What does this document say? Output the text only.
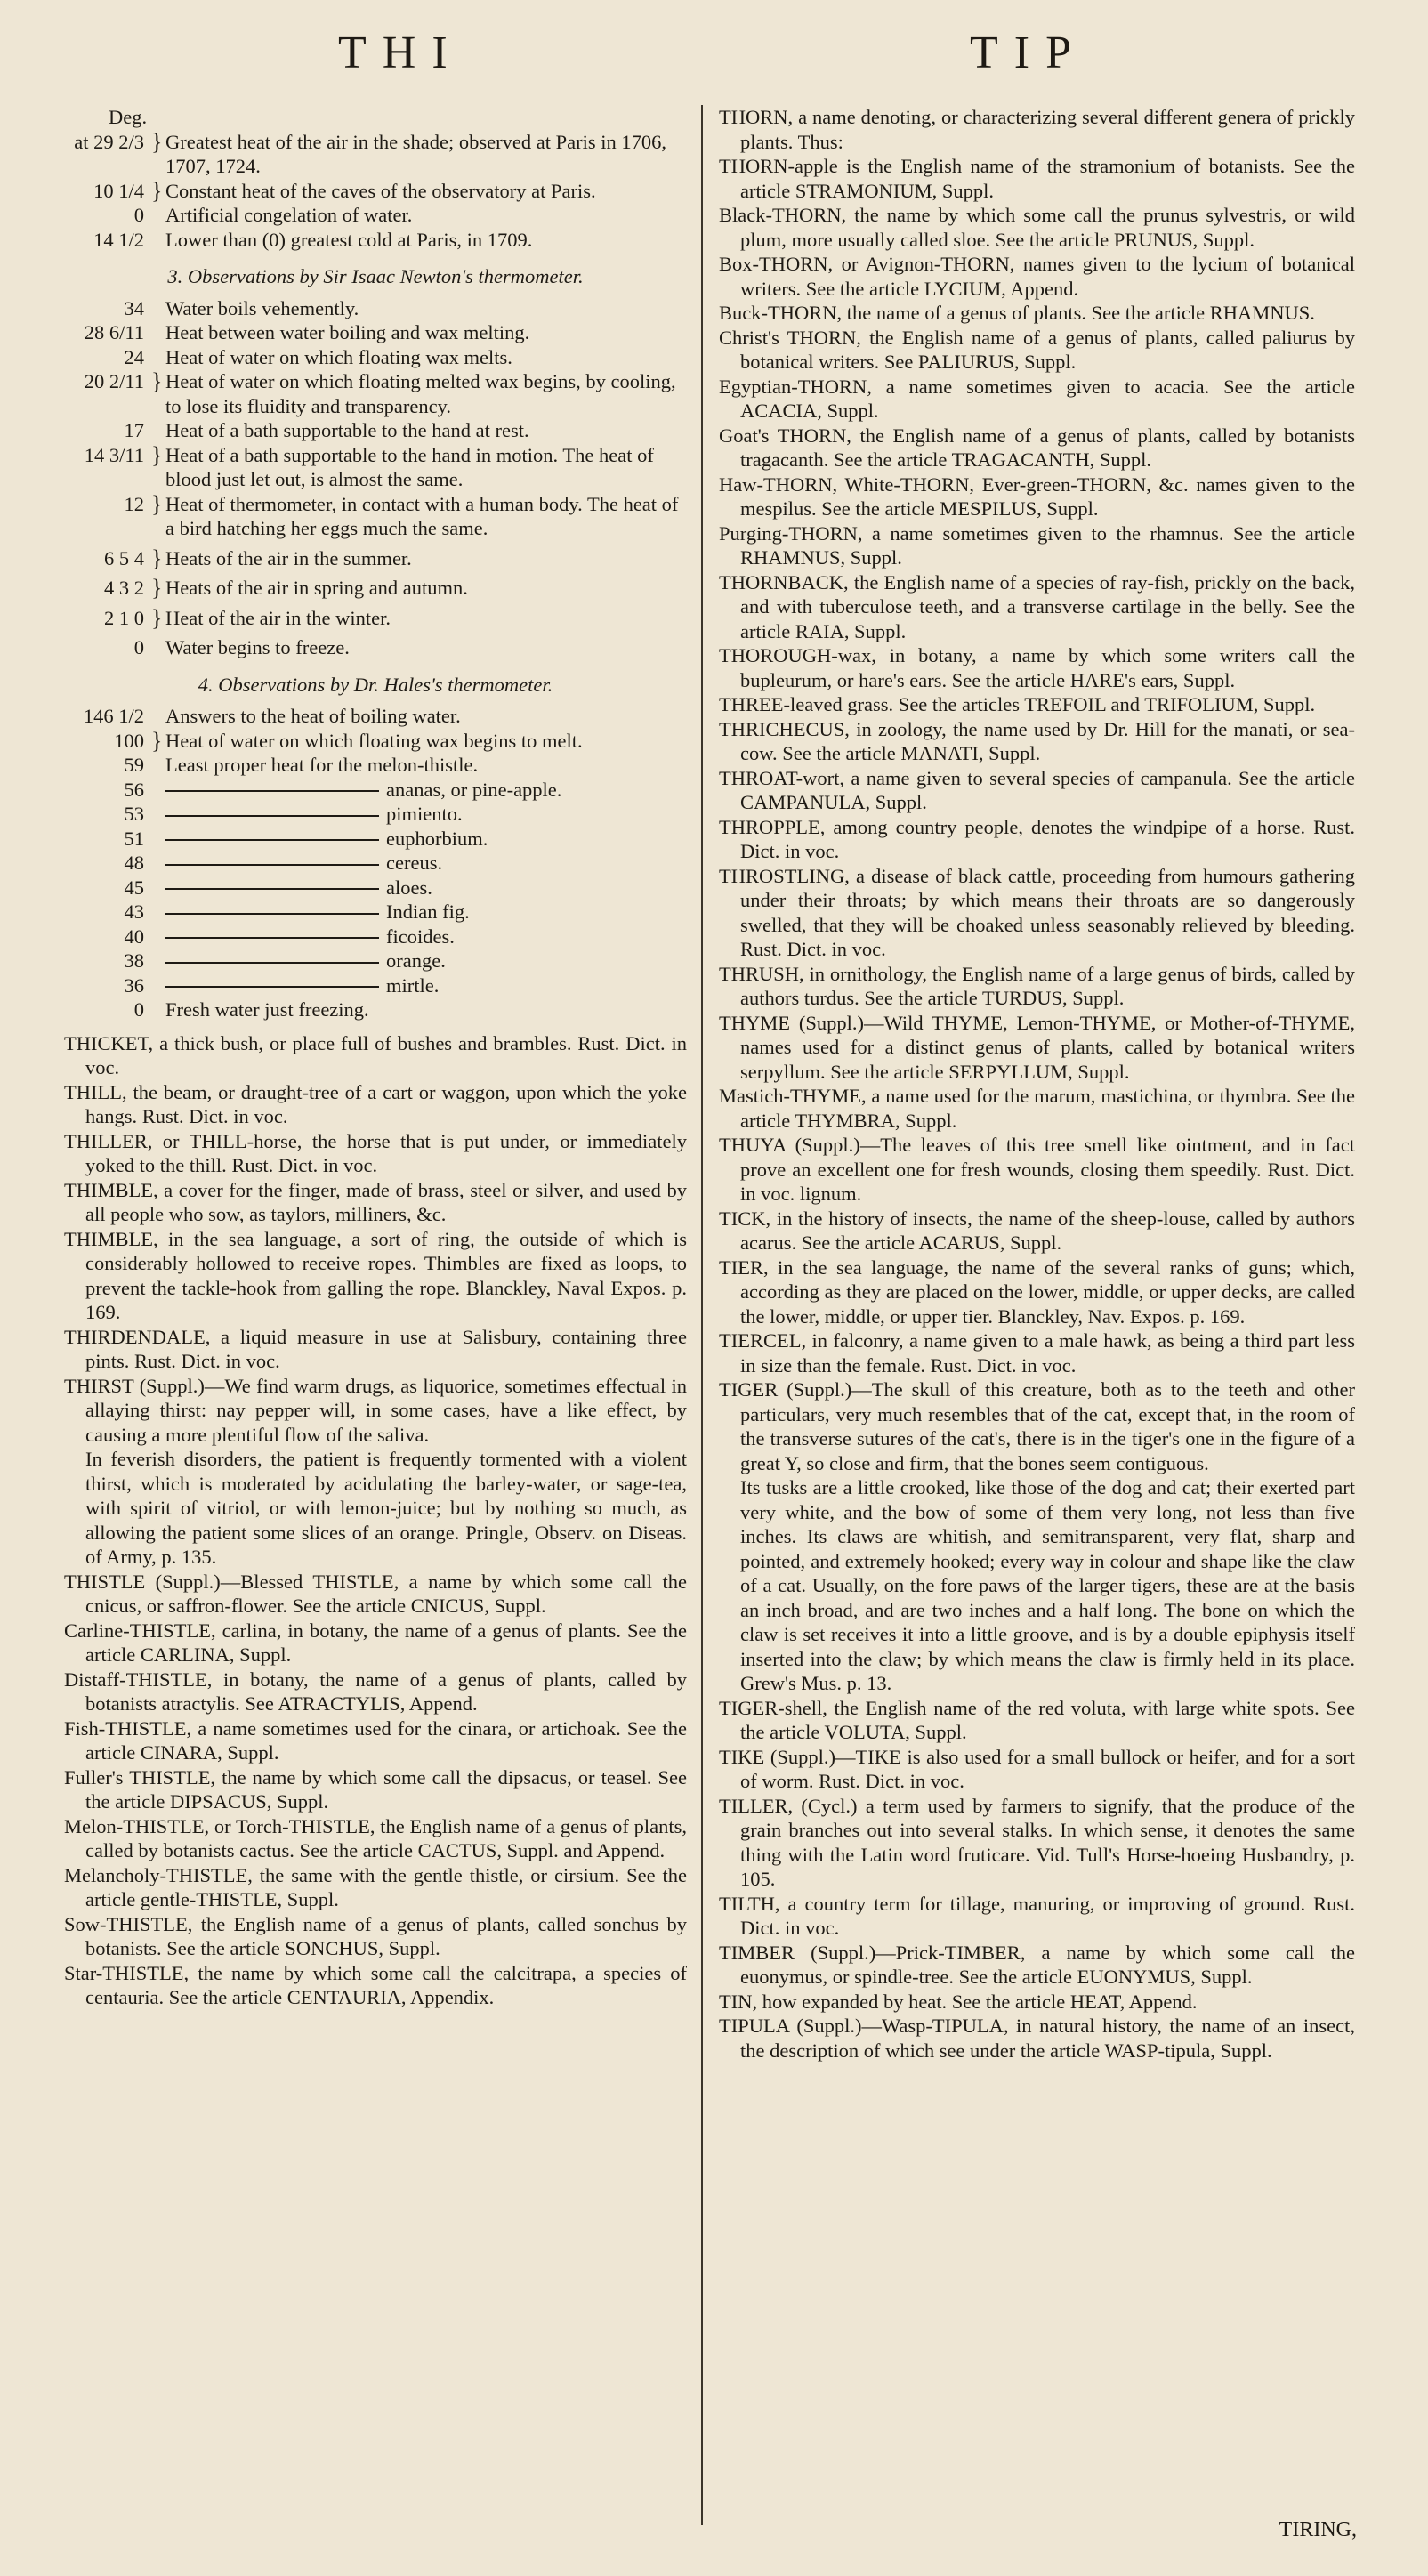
THI	TIP
Deg.
at 29 2/3 } Greatest heat of the air in the shade; observed at Paris in 1706, 1707, 1724.
10 1/4 } Constant heat of the caves of the observatory at Paris.
0	Artificial congelation of water.
14 1/2	Lower than (0) greatest cold at Paris, in 1709.
3. Observations by Sir Isaac Newton's thermometer.
34	Water boils vehemently.
28 6/11	Heat between water boiling and wax melting.
24	Heat of water on which floating wax melts.
20 2/11 } Heat of water on which floating melted wax begins, by cooling, to lose its fluidity and transparency.
17	Heat of a bath supportable to the hand at rest.
14 3/11 } Heat of a bath supportable to the hand in motion. The heat of blood just let out, is almost the same.
12 } Heat of thermometer, in contact with a human body. The heat of a bird hatching her eggs much the same.
6 5 4 } Heats of the air in the summer.
4 3 2 } Heats of the air in spring and autumn.
2 1 0 } Heat of the air in the winter.
0	Water begins to freeze.
4. Observations by Dr. Hales's thermometer.
146 1/2	Answers to the heat of boiling water.
100 } Heat of water on which floating wax begins to melt.
59	Least proper heat for the melon-thistle.
56	ananas, or pine-apple.
53	pimiento.
51	euphorbium.
48	cereus.
45	aloes.
43	Indian fig.
40	ficoides.
38	orange.
36	mirtle.
0	Fresh water just freezing.

THICKET, a thick bush, or place full of bushes and brambles. Rust. Dict. in voc.

THILL, the beam, or draught-tree of a cart or waggon, upon which the yoke hangs. Rust. Dict. in voc.

THILLER, or THILL-horse, the horse that is put under, or immediately yoked to the thill. Rust. Dict. in voc.

THIMBLE, a cover for the finger, made of brass, steel or silver, and used by all people who sow, as taylors, milliners, &c.

THIMBLE, in the sea language, a sort of ring, the outside of which is considerably hollowed to receive ropes. Thimbles are fixed as loops, to prevent the tackle-hook from galling the rope. Blanckley, Naval Expos. p. 169.

THIRDENDALE, a liquid measure in use at Salisbury, containing three pints. Rust. Dict. in voc.

THIRST (Suppl.)—We find warm drugs, as liquorice, sometimes effectual in allaying thirst: nay pepper will, in some cases, have a like effect, by causing a more plentiful flow of the saliva.

In feverish disorders, the patient is frequently tormented with a violent thirst, which is moderated by acidulating the barley-water, or sage-tea, with spirit of vitriol, or with lemon-juice; but by nothing so much, as allowing the patient some slices of an orange. Pringle, Observ. on Diseas. of Army, p. 135.

THISTLE (Suppl.)—Blessed THISTLE, a name by which some call the cnicus, or saffron-flower. See the article CNICUS, Suppl.

Carline-THISTLE, carlina, in botany, the name of a genus of plants. See the article CARLINA, Suppl.

Distaff-THISTLE, in botany, the name of a genus of plants, called by botanists atractylis. See ATRACTYLIS, Append.

Fish-THISTLE, a name sometimes used for the cinara, or artichoak. See the article CINARA, Suppl.

Fuller's THISTLE, the name by which some call the dipsacus, or teasel. See the article DIPSACUS, Suppl.

Melon-THISTLE, or Torch-THISTLE, the English name of a genus of plants, called by botanists cactus. See the article CACTUS, Suppl. and Append.

Melancholy-THISTLE, the same with the gentle thistle, or cirsium. See the article gentle-THISTLE, Suppl.

Sow-THISTLE, the English name of a genus of plants, called sonchus by botanists. See the article SONCHUS, Suppl.

Star-THISTLE, the name by which some call the calcitrapa, a species of centauria. See the article CENTAURIA, Appendix.

THORN, a name denoting, or characterizing several different genera of prickly plants. Thus:

THORN-apple is the English name of the stramonium of botanists. See the article STRAMONIUM, Suppl.

Black-THORN, the name by which some call the prunus sylvestris, or wild plum, more usually called sloe. See the article PRUNUS, Suppl.

Box-THORN, or Avignon-THORN, names given to the lycium of botanical writers. See the article LYCIUM, Append.

Buck-THORN, the name of a genus of plants. See the article RHAMNUS.

Christ's THORN, the English name of a genus of plants, called paliurus by botanical writers. See PALIURUS, Suppl.

Egyptian-THORN, a name sometimes given to acacia. See the article ACACIA, Suppl.

Goat's THORN, the English name of a genus of plants, called by botanists tragacanth. See the article TRAGACANTH, Suppl.

Haw-THORN, White-THORN, Ever-green-THORN, &c. names given to the mespilus. See the article MESPILUS, Suppl.

Purging-THORN, a name sometimes given to the rhamnus. See the article RHAMNUS, Suppl.

THORNBACK, the English name of a species of ray-fish, prickly on the back, and with tuberculose teeth, and a transverse cartilage in the belly. See the article RAIA, Suppl.

THOROUGH-wax, in botany, a name by which some writers call the bupleurum, or hare's ears. See the article HARE's ears, Suppl.

THREE-leaved grass. See the articles TREFOIL and TRIFOLIUM, Suppl.

THRICHECUS, in zoology, the name used by Dr. Hill for the manati, or sea-cow. See the article MANATI, Suppl.

THROAT-wort, a name given to several species of campanula. See the article CAMPANULA, Suppl.

THROPPLE, among country people, denotes the windpipe of a horse. Rust. Dict. in voc.

THROSTLING, a disease of black cattle, proceeding from humours gathering under their throats; by which means their throats are so dangerously swelled, that they will be choaked unless seasonably relieved by bleeding. Rust. Dict. in voc.

THRUSH, in ornithology, the English name of a large genus of birds, called by authors turdus. See the article TURDUS, Suppl.

THYME (Suppl.)—Wild THYME, Lemon-THYME, or Mother-of-THYME, names used for a distinct genus of plants, called by botanical writers serpyllum. See the article SERPYLLUM, Suppl.

Mastich-THYME, a name used for the marum, mastichina, or thymbra. See the article THYMBRA, Suppl.

THUYA (Suppl.)—The leaves of this tree smell like ointment, and in fact prove an excellent one for fresh wounds, closing them speedily. Rust. Dict. in voc. lignum.

TICK, in the history of insects, the name of the sheep-louse, called by authors acarus. See the article ACARUS, Suppl.

TIER, in the sea language, the name of the several ranks of guns; which, according as they are placed on the lower, middle, or upper decks, are called the lower, middle, or upper tier. Blanckley, Nav. Expos. p. 169.

TIERCEL, in falconry, a name given to a male hawk, as being a third part less in size than the female. Rust. Dict. in voc.

TIGER (Suppl.)—The skull of this creature, both as to the teeth and other particulars, very much resembles that of the cat, except that, in the room of the transverse sutures of the cat's, there is in the tiger's one in the figure of a great Y, so close and firm, that the bones seem contiguous.

Its tusks are a little crooked, like those of the dog and cat; their exerted part very white, and the bow of some of them very long, not less than five inches. Its claws are whitish, and semitransparent, very flat, sharp and pointed, and extremely hooked; every way in colour and shape like the claw of a cat. Usually, on the fore paws of the larger tigers, these are at the basis an inch broad, and are two inches and a half long. The bone on which the claw is set receives it into a little groove, and is by a double epiphysis itself inserted into the claw; by which means the claw is firmly held in its place. Grew's Mus. p. 13.

TIGER-shell, the English name of the red voluta, with large white spots. See the article VOLUTA, Suppl.

TIKE (Suppl.)—TIKE is also used for a small bullock or heifer, and for a sort of worm. Rust. Dict. in voc.

TILLER, (Cycl.) a term used by farmers to signify, that the produce of the grain branches out into several stalks. In which sense, it denotes the same thing with the Latin word fruticare. Vid. Tull's Horse-hoeing Husbandry, p. 105.

TILTH, a country term for tillage, manuring, or improving of ground. Rust. Dict. in voc.

TIMBER (Suppl.)—Prick-TIMBER, a name by which some call the euonymus, or spindle-tree. See the article EUONYMUS, Suppl.

TIN, how expanded by heat. See the article HEAT, Append.

TIPULA (Suppl.)—Wasp-TIPULA, in natural history, the name of an insect, the description of which see under the article WASP-tipula, Suppl.

TIRING,
